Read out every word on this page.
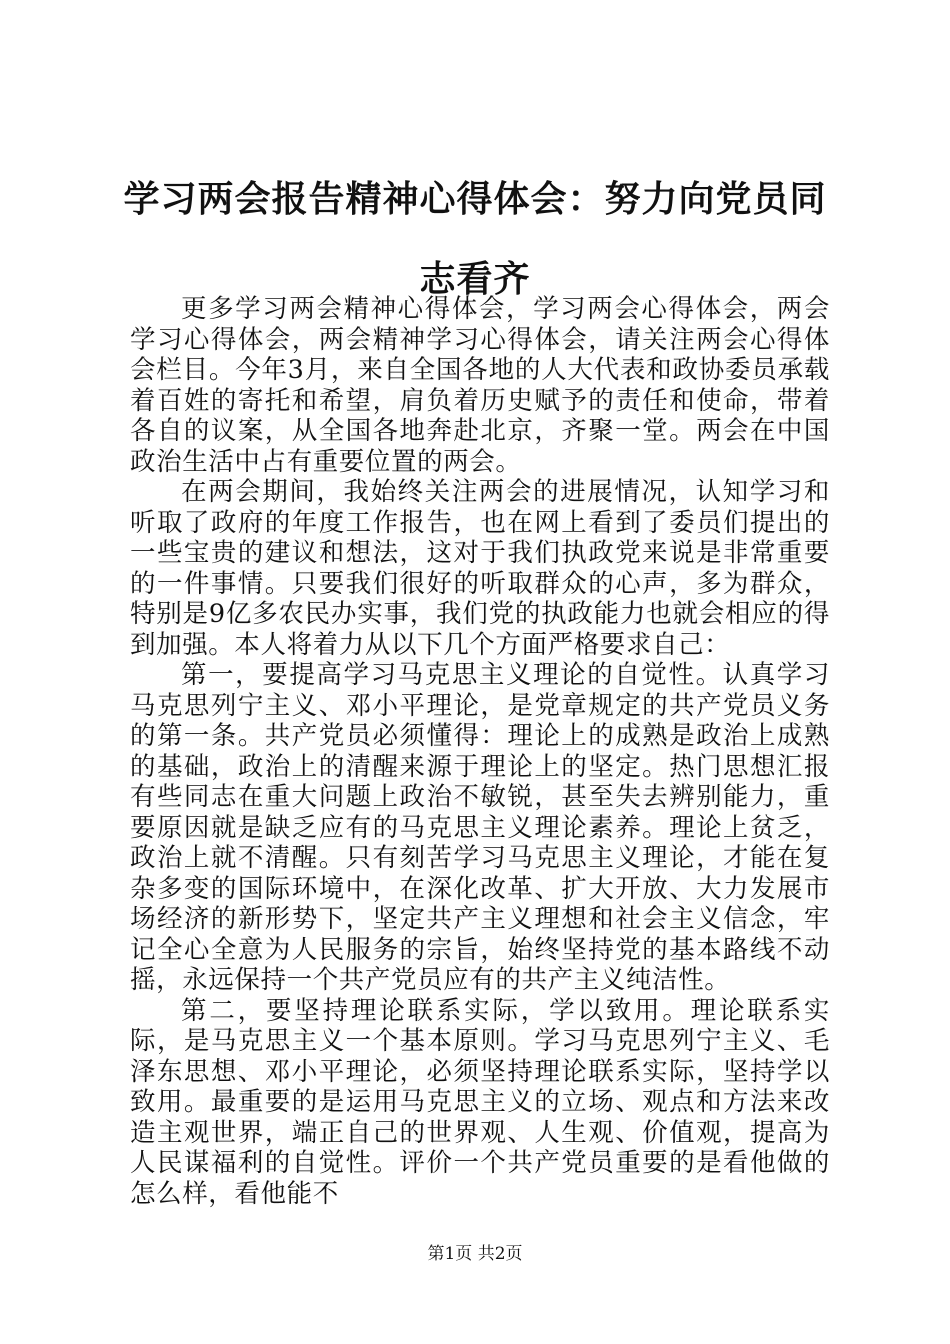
学习两会报告精神心得体会：努力向党员同志看齐

更多学习两会精神心得体会，学习两会心得体会，两会学习心得体会，两会精神学习心得体会，请关注两会心得体会栏目。今年3月，来自全国各地的人大代表和政协委员承载着百姓的寄托和希望，肩负着历史赋予的责任和使命，带着各自的议案，从全国各地奔赴北京，齐聚一堂。两会在中国政治生活中占有重要位置的两会。

在两会期间，我始终关注两会的进展情况，认知学习和听取了政府的年度工作报告，也在网上看到了委员们提出的一些宝贵的建议和想法，这对于我们执政党来说是非常重要的一件事情。只要我们很好的听取群众的心声，多为群众，特别是9亿多农民办实事，我们党的执政能力也就会相应的得到加强。本人将着力从以下几个方面严格要求自己：

第一，要提高学习马克思主义理论的自觉性。认真学习马克思列宁主义、邓小平理论，是党章规定的共产党员义务的第一条。共产党员必须懂得：理论上的成熟是政治上成熟的基础，政治上的清醒来源于理论上的坚定。热门思想汇报有些同志在重大问题上政治不敏锐，甚至失去辨别能力，重要原因就是缺乏应有的马克思主义理论素养。理论上贫乏，政治上就不清醒。只有刻苦学习马克思主义理论，才能在复杂多变的国际环境中，在深化改革、扩大开放、大力发展市场经济的新形势下，坚定共产主义理想和社会主义信念，牢记全心全意为人民服务的宗旨，始终坚持党的基本路线不动摇，永远保持一个共产党员应有的共产主义纯洁性。

第二，要坚持理论联系实际，学以致用。理论联系实际，是马克思主义一个基本原则。学习马克思列宁主义、毛泽东思想、邓小平理论，必须坚持理论联系实际，坚持学以致用。最重要的是运用马克思主义的立场、观点和方法来改造主观世界，端正自己的世界观、人生观、价值观，提高为人民谋福利的自觉性。评价一个共产党员重要的是看他做的怎么样，看他能不

第1页 共2页
